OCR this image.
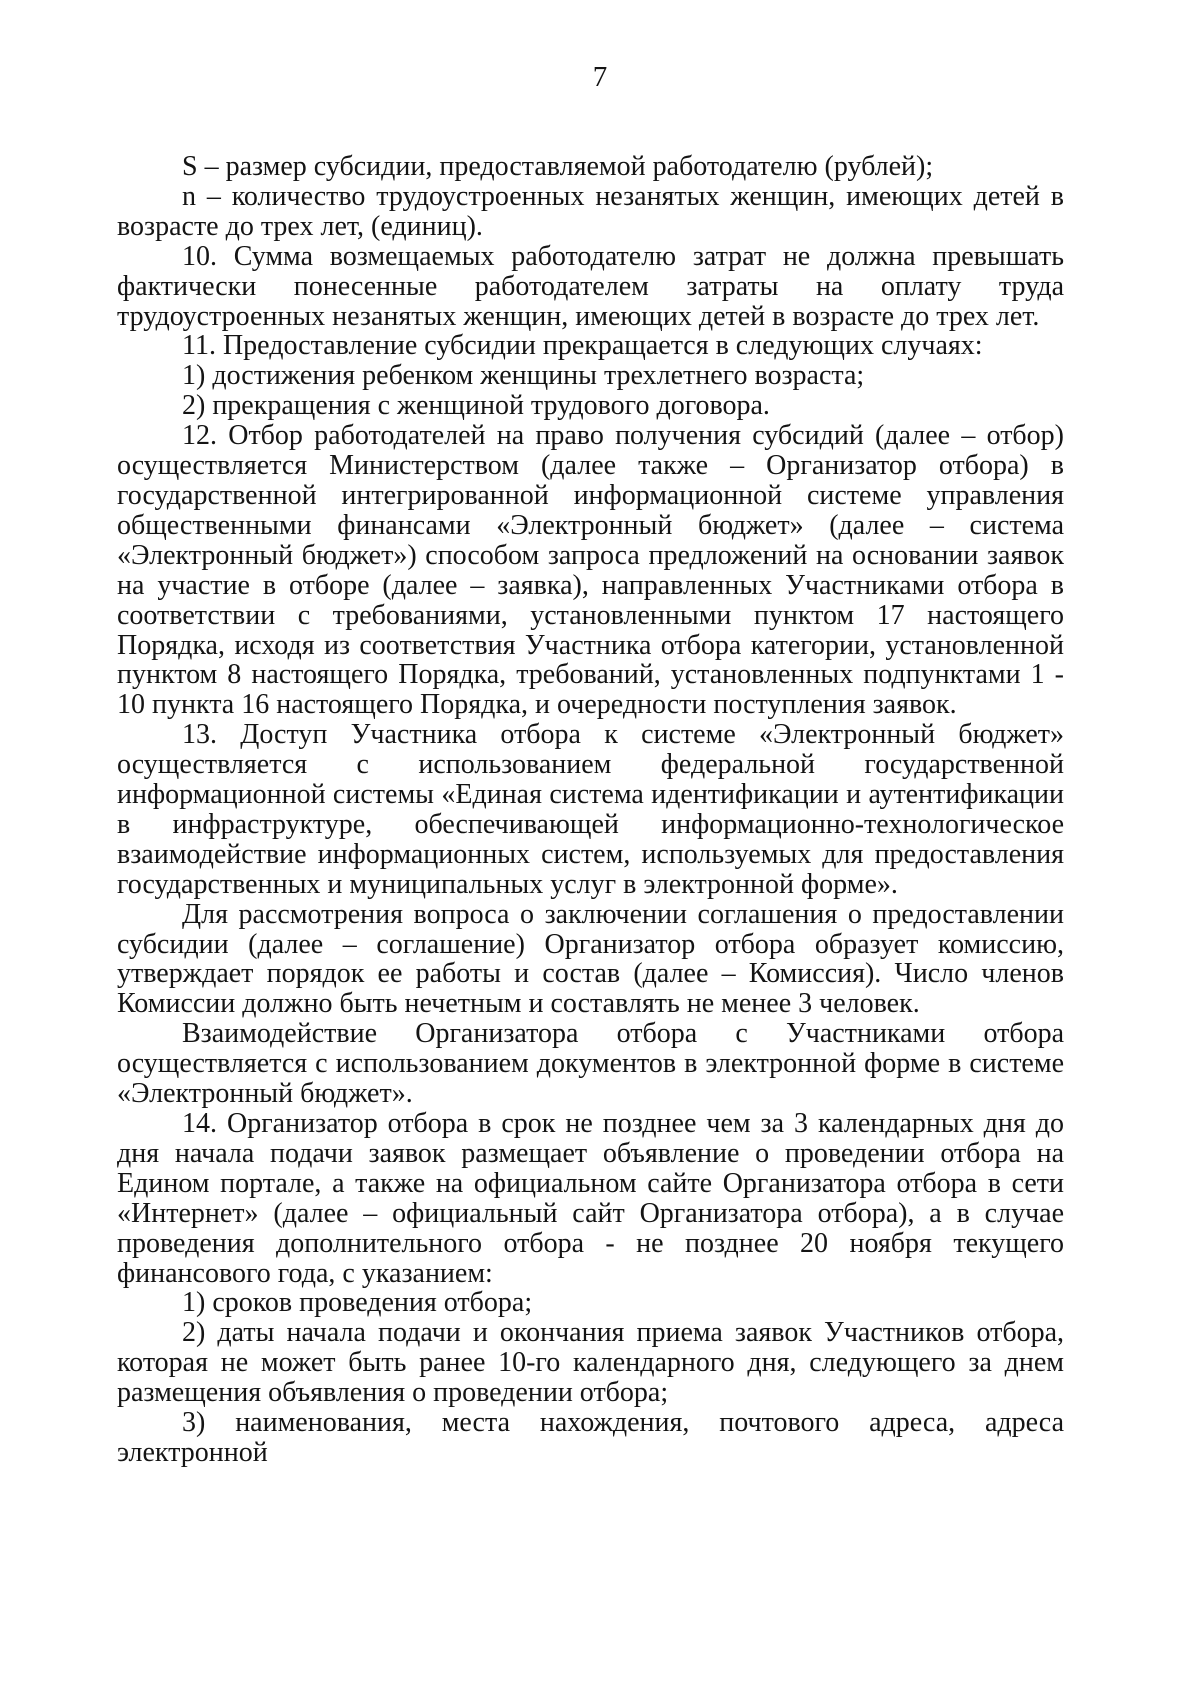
7

S – размер субсидии, предоставляемой работодателю (рублей);

n – количество трудоустроенных незанятых женщин, имеющих детей в возрасте до трех лет, (единиц).

10. Сумма возмещаемых работодателю затрат не должна превышать фактически понесенные работодателем затраты на оплату труда трудоустроенных незанятых женщин, имеющих детей в возрасте до трех лет.

11. Предоставление субсидии прекращается в следующих случаях:

1) достижения ребенком женщины трехлетнего возраста;

2) прекращения с женщиной трудового договора.

12. Отбор работодателей на право получения субсидий (далее – отбор) осуществляется Министерством (далее также – Организатор отбора) в государственной интегрированной информационной системе управления общественными финансами «Электронный бюджет» (далее – система «Электронный бюджет») способом запроса предложений на основании заявок на участие в отборе (далее – заявка), направленных Участниками отбора в соответствии с требованиями, установленными пунктом 17 настоящего Порядка, исходя из соответствия Участника отбора категории, установленной пунктом 8 настоящего Порядка, требований, установленных подпунктами 1 - 10 пункта 16 настоящего Порядка, и очередности поступления заявок.

13. Доступ Участника отбора к системе «Электронный бюджет» осуществляется с использованием федеральной государственной информационной системы «Единая система идентификации и аутентификации в инфраструктуре, обеспечивающей информационно-технологическое взаимодействие информационных систем, используемых для предоставления государственных и муниципальных услуг в электронной форме».

Для рассмотрения вопроса о заключении соглашения о предоставлении субсидии (далее – соглашение) Организатор отбора образует комиссию, утверждает порядок ее работы и состав (далее – Комиссия). Число членов Комиссии должно быть нечетным и составлять не менее 3 человек.

Взаимодействие Организатора отбора с Участниками отбора осуществляется с использованием документов в электронной форме в системе «Электронный бюджет».

14. Организатор отбора в срок не позднее чем за 3 календарных дня до дня начала подачи заявок размещает объявление о проведении отбора на Едином портале, а также на официальном сайте Организатора отбора в сети «Интернет» (далее – официальный сайт Организатора отбора), а в случае проведения дополнительного отбора - не позднее 20 ноября текущего финансового года, с указанием:

1) сроков проведения отбора;

2) даты начала подачи и окончания приема заявок Участников отбора, которая не может быть ранее 10-го календарного дня, следующего за днем размещения объявления о проведении отбора;

3) наименования, места нахождения, почтового адреса, адреса электронной
